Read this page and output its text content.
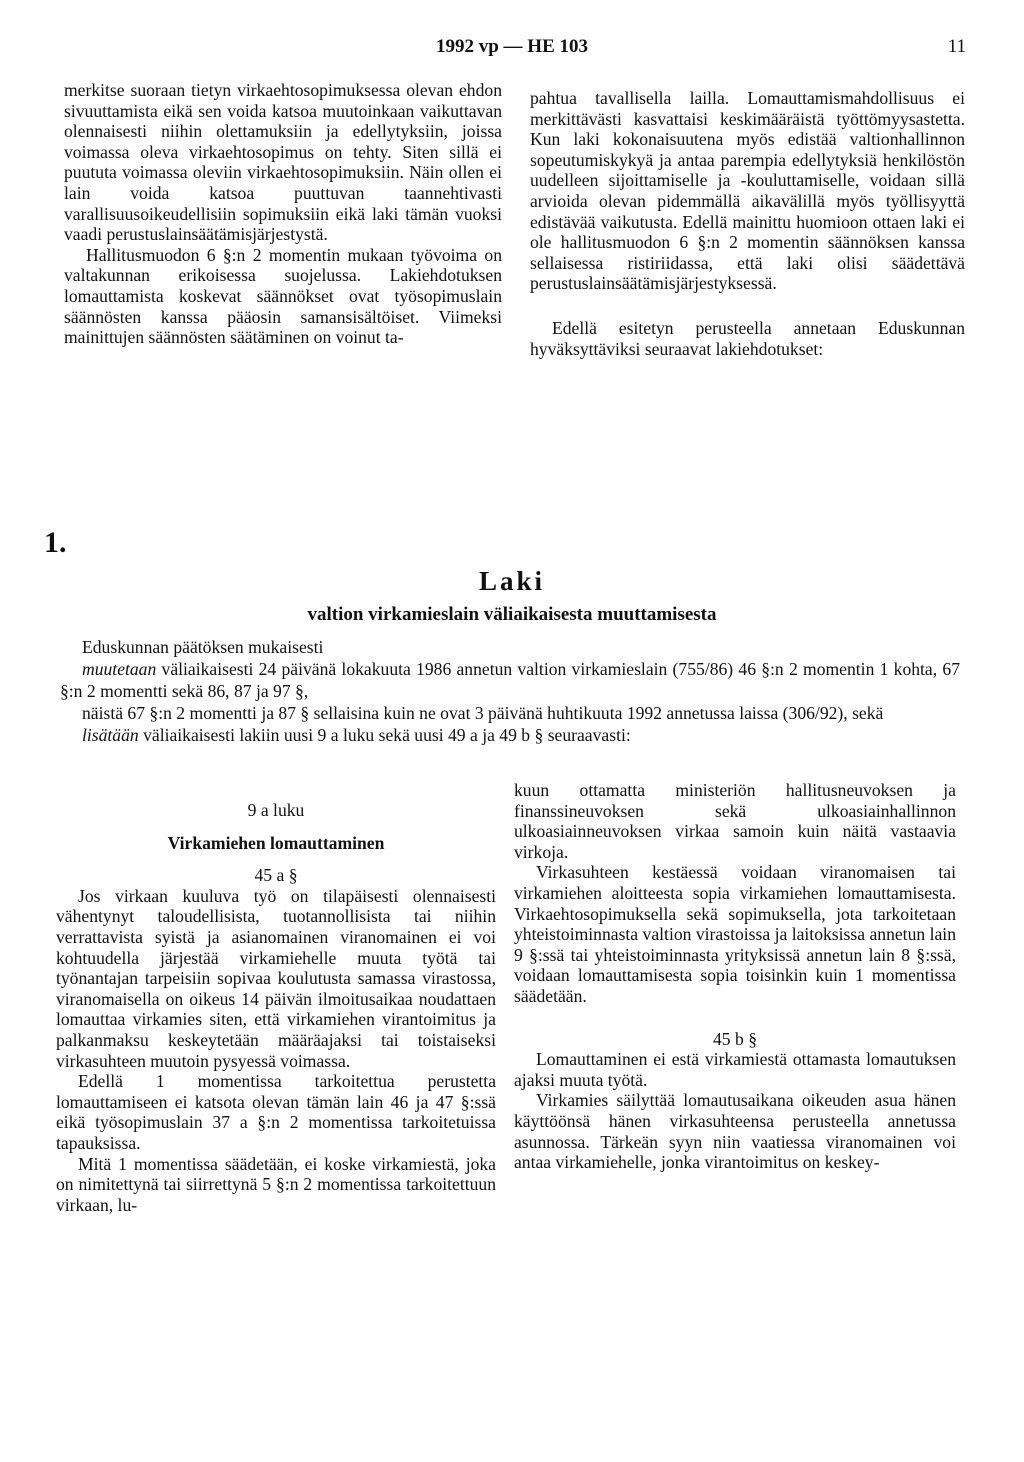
1992 vp — HE 103	11

merkitse suoraan tietyn virkaehtosopimuksessa olevan ehdon sivuuttamista eikä sen voida katsoa muutoinkaan vaikuttavan olennaisesti niihin olettamuksiin ja edellytyksiin, joissa voimassa oleva virkaehtosopimus on tehty. Siten sillä ei puututa voimassa oleviin virkaehtosopimuksiin. Näin ollen ei lain voida katsoa puuttuvan taannehtivasti varallisuusoikeudellisiin sopimuksiin eikä laki tämän vuoksi vaadi perustuslainsäätämisjärjestystä.

Hallitusmuodon 6 §:n 2 momentin mukaan työvoima on valtakunnan erikoisessa suojelussa. Lakiehdotuksen lomauttamista koskevat säännökset ovat työsopimuslain säännösten kanssa pääosin samansisältöiset. Viimeksi mainittujen säännösten säätäminen on voinut ta-

pahtua tavallisella lailla. Lomauttamismahdollisuus ei merkittävästi kasvattaisi keskimääräistä työttömyysastetta. Kun laki kokonaisuutena myös edistää valtionhallinnon sopeutumiskykyä ja antaa parempia edellytyksiä henkilöstön uudelleen sijoittamiselle ja -kouluttamiselle, voidaan sillä arvioida olevan pidemmällä aikavälillä myös työllisyyttä edistävää vaikutusta. Edellä mainittu huomioon ottaen laki ei ole hallitusmuodon 6 §:n 2 momentin säännöksen kanssa sellaisessa ristiriidassa, että laki olisi säädettävä perustuslainsäätämisjärjestyksessä.

Edellä esitetyn perusteella annetaan Eduskunnan hyväksyttäviksi seuraavat lakiehdotukset:

1.
Laki
valtion virkamieslain väliaikaisesta muuttamisesta

Eduskunnan päätöksen mukaisesti

muutetaan väliaikaisesti 24 päivänä lokakuuta 1986 annetun valtion virkamieslain (755/86) 46 §:n 2 momentin 1 kohta, 67 §:n 2 momentti sekä 86, 87 ja 97 §,

näistä 67 §:n 2 momentti ja 87 § sellaisina kuin ne ovat 3 päivänä huhtikuuta 1992 annetussa laissa (306/92), sekä

lisätään väliaikaisesti lakiin uusi 9 a luku sekä uusi 49 a ja 49 b § seuraavasti:

9 a luku

Virkamiehen lomauttaminen

45 a §

Jos virkaan kuuluva työ on tilapäisesti olennaisesti vähentynyt taloudellisista, tuotannollisista tai niihin verrattavista syistä ja asianomainen viranomainen ei voi kohtuudella järjestää virkamiehelle muuta työtä tai työnantajan tarpeisiin sopivaa koulutusta samassa virastossa, viranomaisella on oikeus 14 päivän ilmoitusaikaa noudattaen lomauttaa virkamies siten, että virkamiehen virantoimitus ja palkanmaksu keskeytetään määräajaksi tai toistaiseksi virkasuhteen muutoin pysyessä voimassa.

Edellä 1 momentissa tarkoitettua perustetta lomauttamiseen ei katsota olevan tämän lain 46 ja 47 §:ssä eikä työsopimuslain 37 a §:n 2 momentissa tarkoitetuissa tapauksissa.

Mitä 1 momentissa säädetään, ei koske virkamiestä, joka on nimitettynä tai siirrettynä 5 §:n 2 momentissa tarkoitettuun virkaan, lu-

kuun ottamatta ministeriön hallitusneuvoksen ja finanssineuvoksen sekä ulkoasiainhallinnon ulkoasiainneuvoksen virkaa samoin kuin näitä vastaavia virkoja.

Virkasuhteen kestäessä voidaan viranomaisen tai virkamiehen aloitteesta sopia virkamiehen lomauttamisesta. Virkaehtosopimuksella sekä sopimuksella, jota tarkoitetaan yhteistoiminnasta valtion virastoissa ja laitoksissa annetun lain 9 §:ssä tai yhteistoiminnasta yrityksissä annetun lain 8 §:ssä, voidaan lomauttamisesta sopia toisinkin kuin 1 momentissa säädetään.

45 b §

Lomauttaminen ei estä virkamiestä ottamasta lomautuksen ajaksi muuta työtä.

Virkamies säilyttää lomautusaikana oikeuden asua hänen käyttöönsä hänen virkasuhteensa perusteella annetussa asunnossa. Tärkeän syyn niin vaatiessa viranomainen voi antaa virkamiehelle, jonka virantoimitus on keskey-
